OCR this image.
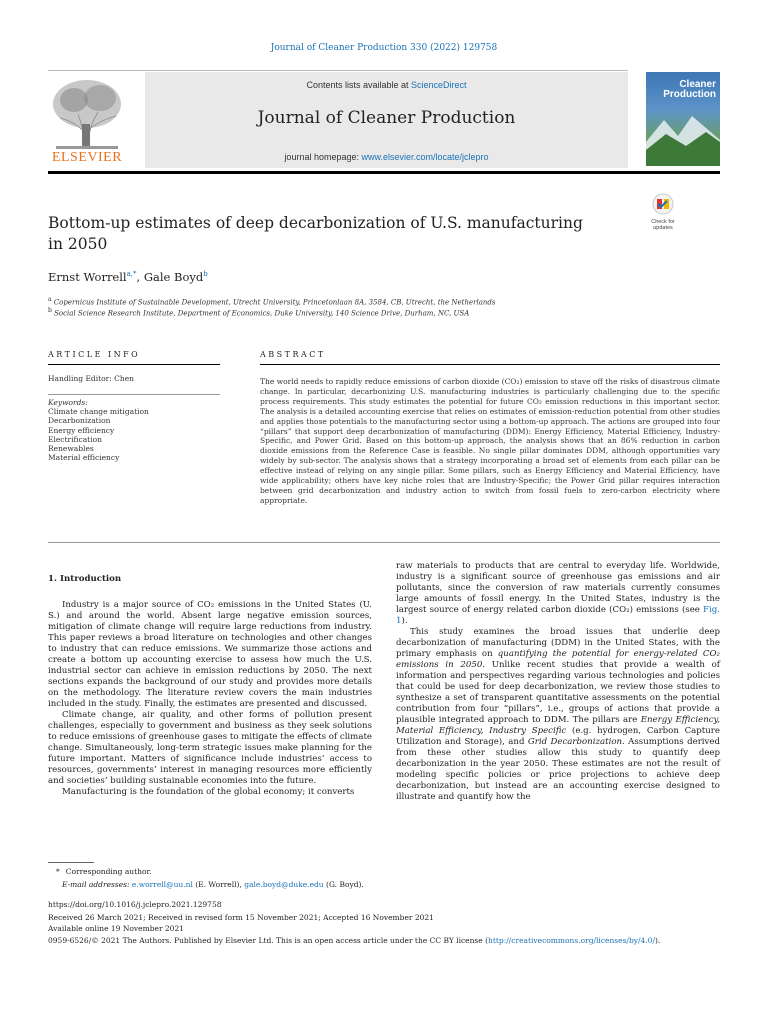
Journal of Cleaner Production 330 (2022) 129758
Contents lists available at ScienceDirect
Journal of Cleaner Production
journal homepage: www.elsevier.com/locate/jclepro
ELSEVIER
Cleaner
Production
Bottom-up estimates of deep decarbonization of U.S. manufacturing
in 2050
Check for
updates
Ernst Worrell$^{a,*}$, Gale Boyd$^b$
$^a$ Copernicus Institute of Sustainable Development, Utrecht University, Princetonlaan 8A, 3584, CB, Utrecht, the Netherlands
$^b$ Social Science Research Institute, Department of Economics, Duke University, 140 Science Drive, Durham, NC, USA
ARTICLE INFO
Handling Editor: Chen
Keywords:
Climate change mitigation
Decarbonization
Energy efficiency
Electrification
Renewables
Material efficiency
ABSTRACT
The world needs to rapidly reduce emissions of carbon dioxide (CO₂) emission to stave off the risks of disastrous climate change. In particular, decarbonizing U.S. manufacturing industries is particularly challenging due to the specific process requirements. This study estimates the potential for future CO₂ emission reductions in this important sector. The analysis is a detailed accounting exercise that relies on estimates of emission-reduction potential from other studies and applies those potentials to the manufacturing sector using a bottom-up approach. The actions are grouped into four “pillars” that support deep decarbonization of manufacturing (DDM): Energy Efficiency, Material Efficiency, Industry-Specific, and Power Grid. Based on this bottom-up approach, the analysis shows that an 86% reduction in carbon dioxide emissions from the Reference Case is feasible. No single pillar dominates DDM, although opportunities vary widely by sub-sector. The analysis shows that a strategy incorporating a broad set of elements from each pillar can be effective instead of relying on any single pillar. Some pillars, such as Energy Efficiency and Material Efficiency, have wide applicability; others have key niche roles that are Industry-Specific; the Power Grid pillar requires interaction between grid decarbonization and industry action to switch from fossil fuels to zero-carbon electricity where appropriate.
1. Introduction

Industry is a major source of CO₂ emissions in the United States (U. S.) and around the world. Absent large negative emission sources, mitigation of climate change will require large reductions from industry. This paper reviews a broad literature on technologies and other changes to industry that can reduce emissions. We summarize those actions and create a bottom up accounting exercise to assess how much the U.S. industrial sector can achieve in emission reductions by 2050. The next sections expands the background of our study and provides more details on the methodology. The literature review covers the main industries included in the study. Finally, the estimates are presented and discussed.

Climate change, air quality, and other forms of pollution present challenges, especially to government and business as they seek solutions to reduce emissions of greenhouse gases to mitigate the effects of climate change. Simultaneously, long-term strategic issues make planning for the future important. Matters of significance include industries’ access to resources, governments’ interest in managing resources more efficiently and societies’ building sustainable economies into the future.

Manufacturing is the foundation of the global economy; it converts

raw materials to products that are central to everyday life. Worldwide, industry is a significant source of greenhouse gas emissions and air pollutants, since the conversion of raw materials currently consumes large amounts of fossil energy. In the United States, industry is the largest source of energy related carbon dioxide (CO₂) emissions (see Fig. 1).

This study examines the broad issues that underlie deep decarbonization of manufacturing (DDM) in the United States, with the primary emphasis on quantifying the potential for energy-related CO₂ emissions in 2050. Unlike recent studies that provide a wealth of information and perspectives regarding various technologies and policies that could be used for deep decarbonization, we review those studies to synthesize a set of transparent quantitative assessments on the potential contribution from four “pillars”, i.e., groups of actions that provide a plausible integrated approach to DDM. The pillars are Energy Efficiency, Material Efficiency, Industry Specific (e.g. hydrogen, Carbon Capture Utilization and Storage), and Grid Decarbonization. Assumptions derived from these other studies allow this study to quantify deep decarbonization in the year 2050. These estimates are not the result of modeling specific policies or price projections to achieve deep decarbonization, but instead are an accounting exercise designed to illustrate and quantify how the

* Corresponding author.
E-mail addresses: e.worrell@uu.nl (E. Worrell), gale.boyd@duke.edu (G. Boyd).
https://doi.org/10.1016/j.jclepro.2021.129758
Received 26 March 2021; Received in revised form 15 November 2021; Accepted 16 November 2021
Available online 19 November 2021
0959-6526/© 2021 The Authors. Published by Elsevier Ltd. This is an open access article under the CC BY license (http://creativecommons.org/licenses/by/4.0/).
